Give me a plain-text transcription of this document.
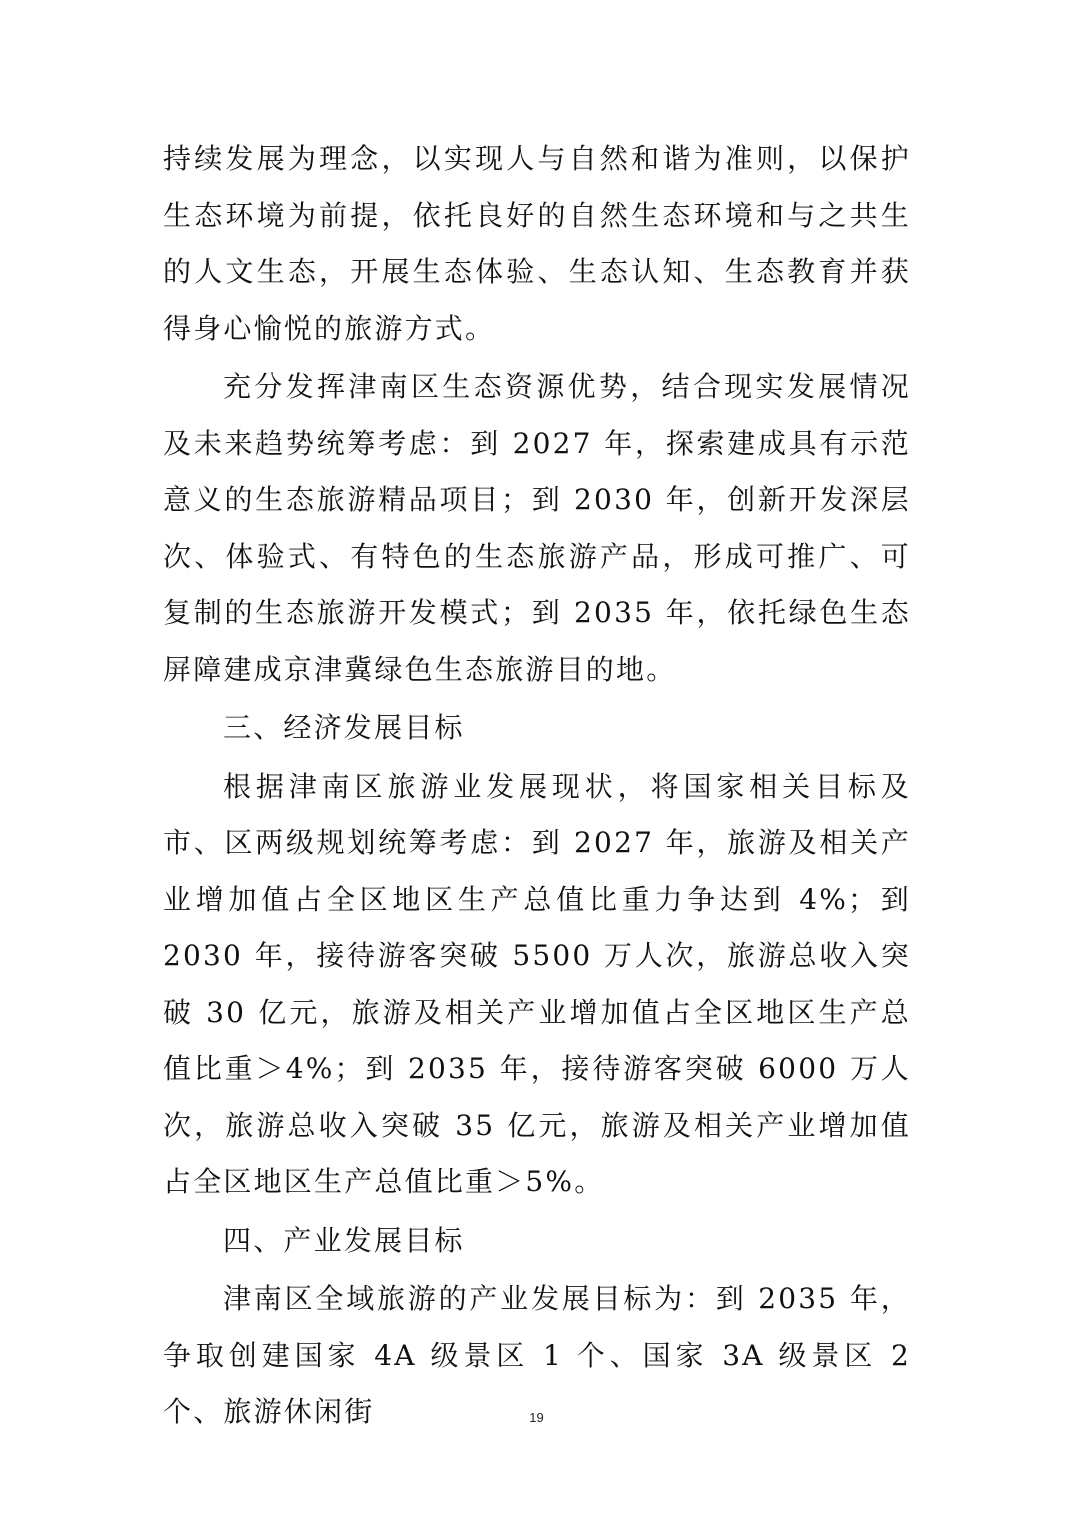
持续发展为理念，以实现人与自然和谐为准则，以保护生态环境为前提，依托良好的自然生态环境和与之共生的人文生态，开展生态体验、生态认知、生态教育并获得身心愉悦的旅游方式。

充分发挥津南区生态资源优势，结合现实发展情况及未来趋势统筹考虑：到 2027 年，探索建成具有示范意义的生态旅游精品项目；到 2030 年，创新开发深层次、体验式、有特色的生态旅游产品，形成可推广、可复制的生态旅游开发模式；到 2035 年，依托绿色生态屏障建成京津冀绿色生态旅游目的地。

三、经济发展目标

根据津南区旅游业发展现状，将国家相关目标及市、区两级规划统筹考虑：到 2027 年，旅游及相关产业增加值占全区地区生产总值比重力争达到 4%；到 2030 年，接待游客突破 5500 万人次，旅游总收入突破 30 亿元，旅游及相关产业增加值占全区地区生产总值比重＞4%；到 2035 年，接待游客突破 6000 万人次，旅游总收入突破 35 亿元，旅游及相关产业增加值占全区地区生产总值比重＞5%。

四、产业发展目标

津南区全域旅游的产业发展目标为：到 2035 年，争取创建国家 4A 级景区 1 个、国家 3A 级景区 2 个、旅游休闲街	19
